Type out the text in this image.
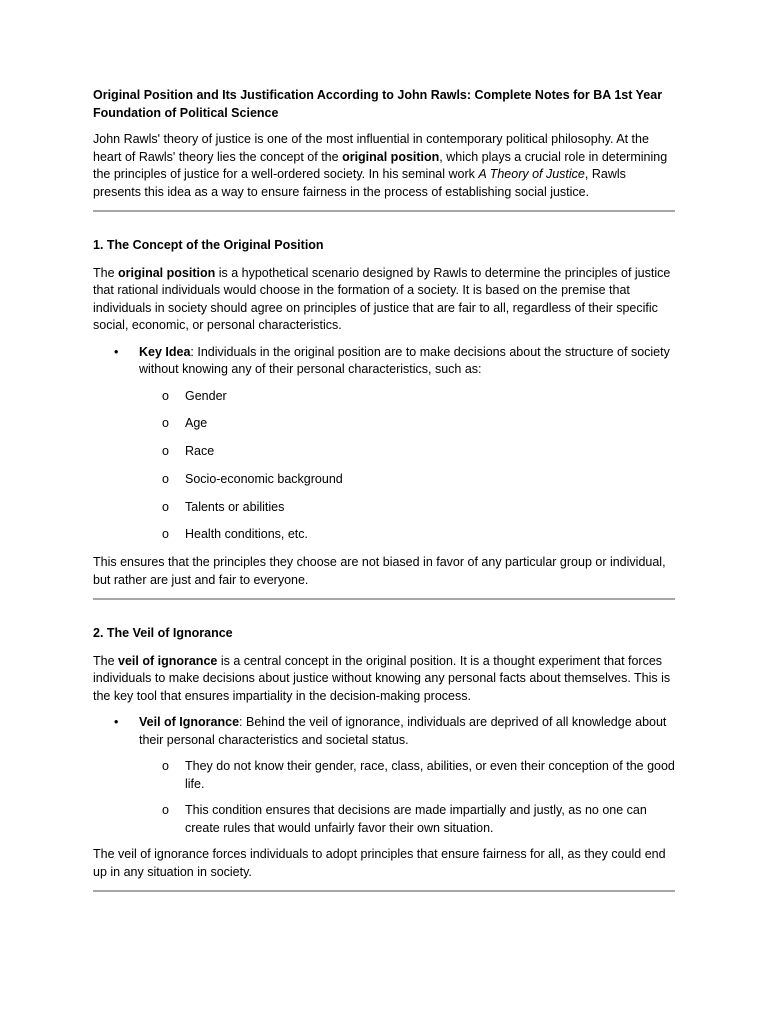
Original Position and Its Justification According to John Rawls: Complete Notes for BA 1st Year Foundation of Political Science

John Rawls' theory of justice is one of the most influential in contemporary political philosophy. At the heart of Rawls' theory lies the concept of the original position, which plays a crucial role in determining the principles of justice for a well-ordered society. In his seminal work A Theory of Justice, Rawls presents this idea as a way to ensure fairness in the process of establishing social justice.

1. The Concept of the Original Position

The original position is a hypothetical scenario designed by Rawls to determine the principles of justice that rational individuals would choose in the formation of a society. It is based on the premise that individuals in society should agree on principles of justice that are fair to all, regardless of their specific social, economic, or personal characteristics.

• Key Idea: Individuals in the original position are to make decisions about the structure of society without knowing any of their personal characteristics, such as:
o Gender
o Age
o Race
o Socio-economic background
o Talents or abilities
o Health conditions, etc.

This ensures that the principles they choose are not biased in favor of any particular group or individual, but rather are just and fair to everyone.

2. The Veil of Ignorance

The veil of ignorance is a central concept in the original position. It is a thought experiment that forces individuals to make decisions about justice without knowing any personal facts about themselves. This is the key tool that ensures impartiality in the decision-making process.

• Veil of Ignorance: Behind the veil of ignorance, individuals are deprived of all knowledge about their personal characteristics and societal status.
o They do not know their gender, race, class, abilities, or even their conception of the good life.
o This condition ensures that decisions are made impartially and justly, as no one can create rules that would unfairly favor their own situation.

The veil of ignorance forces individuals to adopt principles that ensure fairness for all, as they could end up in any situation in society.
